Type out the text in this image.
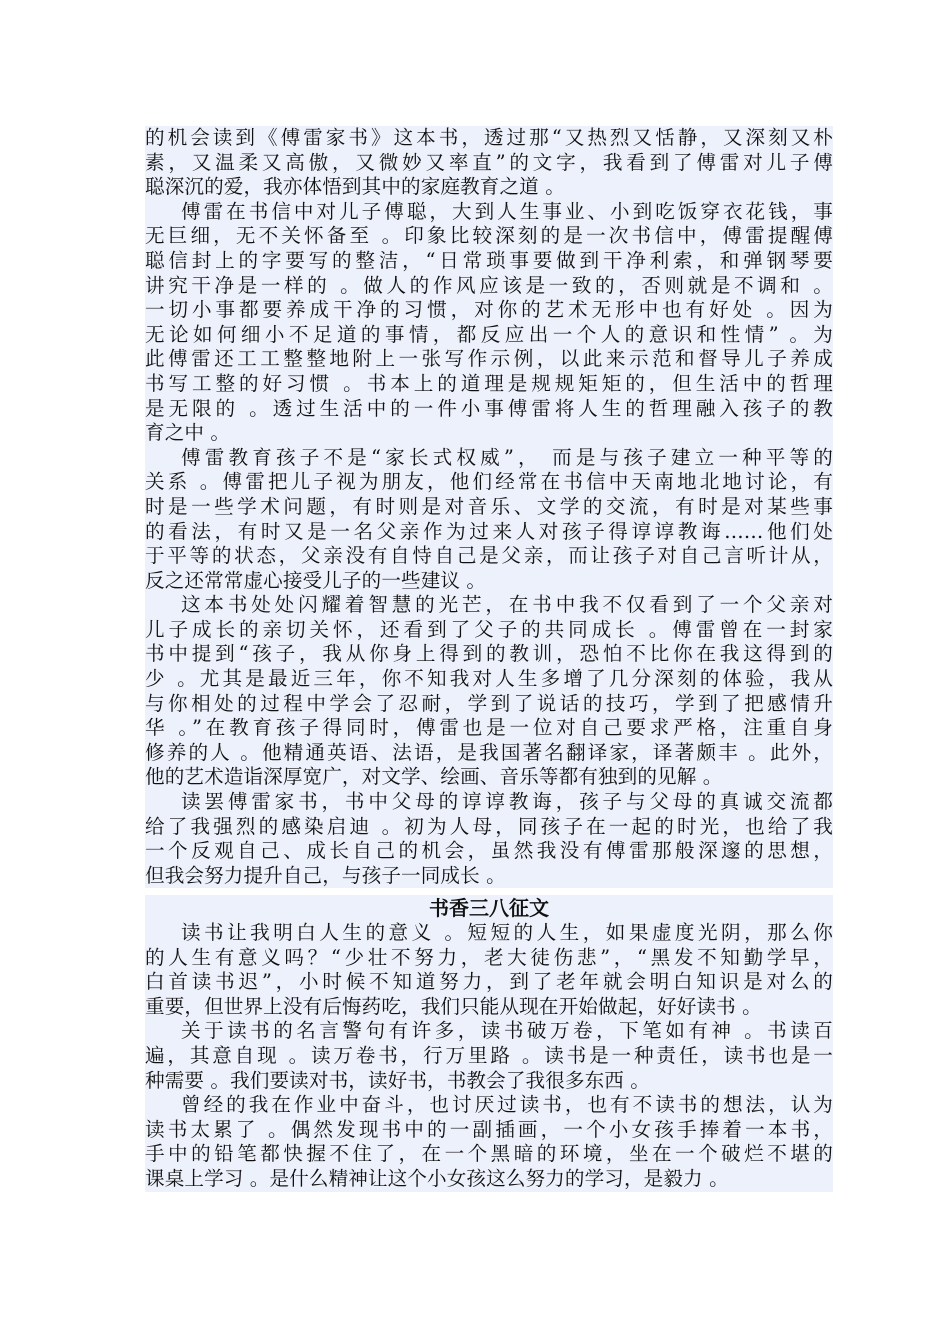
的机会读到《傅雷家书》这本书，透过那“又热烈又恬静，又深刻又朴
素，又温柔又高傲，又微妙又率直”的文字，我看到了傅雷对儿子傅
聪深沉的爱，我亦体悟到其中的家庭教育之道 。
傅雷在书信中对儿子傅聪，大到人生事业、小到吃饭穿衣花钱，事
无巨细，无不关怀备至 。印象比较深刻的是一次书信中，傅雷提醒傅
聪信封上的字要写的整洁，“日常琐事要做到干净利索，和弹钢琴要
讲究干净是一样的 。做人的作风应该是一致的，否则就是不调和 。
一切小事都要养成干净的习惯，对你的艺术无形中也有好处 。因为
无论如何细小不足道的事情，都反应出一个人的意识和性情” 。为
此傅雷还工工整整地附上一张写作示例，以此来示范和督导儿子养成
书写工整的好习惯 。书本上的道理是规规矩矩的，但生活中的哲理
是无限的 。透过生活中的一件小事傅雷将人生的哲理融入孩子的教
育之中 。
傅雷教育孩子不是“家长式权威”， 而是与孩子建立一种平等的
关系 。傅雷把儿子视为朋友，他们经常在书信中天南地北地讨论，有
时是一些学术问题，有时则是对音乐、文学的交流，有时是对某些事
的看法，有时又是一名父亲作为过来人对孩子得谆谆教诲……他们处
于平等的状态，父亲没有自恃自己是父亲，而让孩子对自己言听计从，
反之还常常虚心接受儿子的一些建议 。
这本书处处闪耀着智慧的光芒，在书中我不仅看到了一个父亲对
儿子成长的亲切关怀，还看到了父子的共同成长 。傅雷曾在一封家
书中提到“孩子，我从你身上得到的教训，恐怕不比你在我这得到的
少 。尤其是最近三年，你不知我对人生多增了几分深刻的体验，我从
与你相处的过程中学会了忍耐，学到了说话的技巧，学到了把感情升
华 。”在教育孩子得同时，傅雷也是一位对自己要求严格，注重自身
修养的人 。他精通英语、法语，是我国著名翻译家，译著颇丰 。此外，
他的艺术造诣深厚宽广，对文学、绘画、音乐等都有独到的见解 。
读罢傅雷家书，书中父母的谆谆教诲，孩子与父母的真诚交流都
给了我强烈的感染启迪 。初为人母，同孩子在一起的时光，也给了我
一个反观自己、成长自己的机会，虽然我没有傅雷那般深邃的思想，
但我会努力提升自己，与孩子一同成长 。
书香三八征文
读书让我明白人生的意义 。短短的人生，如果虚度光阴，那么你
的人生有意义吗？“少壮不努力，老大徒伤悲”，“黑发不知勤学早，
白首读书迟”，小时候不知道努力，到了老年就会明白知识是对么的
重要，但世界上没有后悔药吃，我们只能从现在开始做起，好好读书 。
关于读书的名言警句有许多，读书破万卷，下笔如有神 。书读百
遍，其意自现 。读万卷书，行万里路 。读书是一种责任，读书也是一
种需要 。我们要读对书，读好书，书教会了我很多东西 。
曾经的我在作业中奋斗，也讨厌过读书，也有不读书的想法，认为
读书太累了 。偶然发现书中的一副插画，一个小女孩手捧着一本书，
手中的铅笔都快握不住了，在一个黑暗的环境，坐在一个破烂不堪的
课桌上学习 。是什么精神让这个小女孩这么努力的学习，是毅力 。
